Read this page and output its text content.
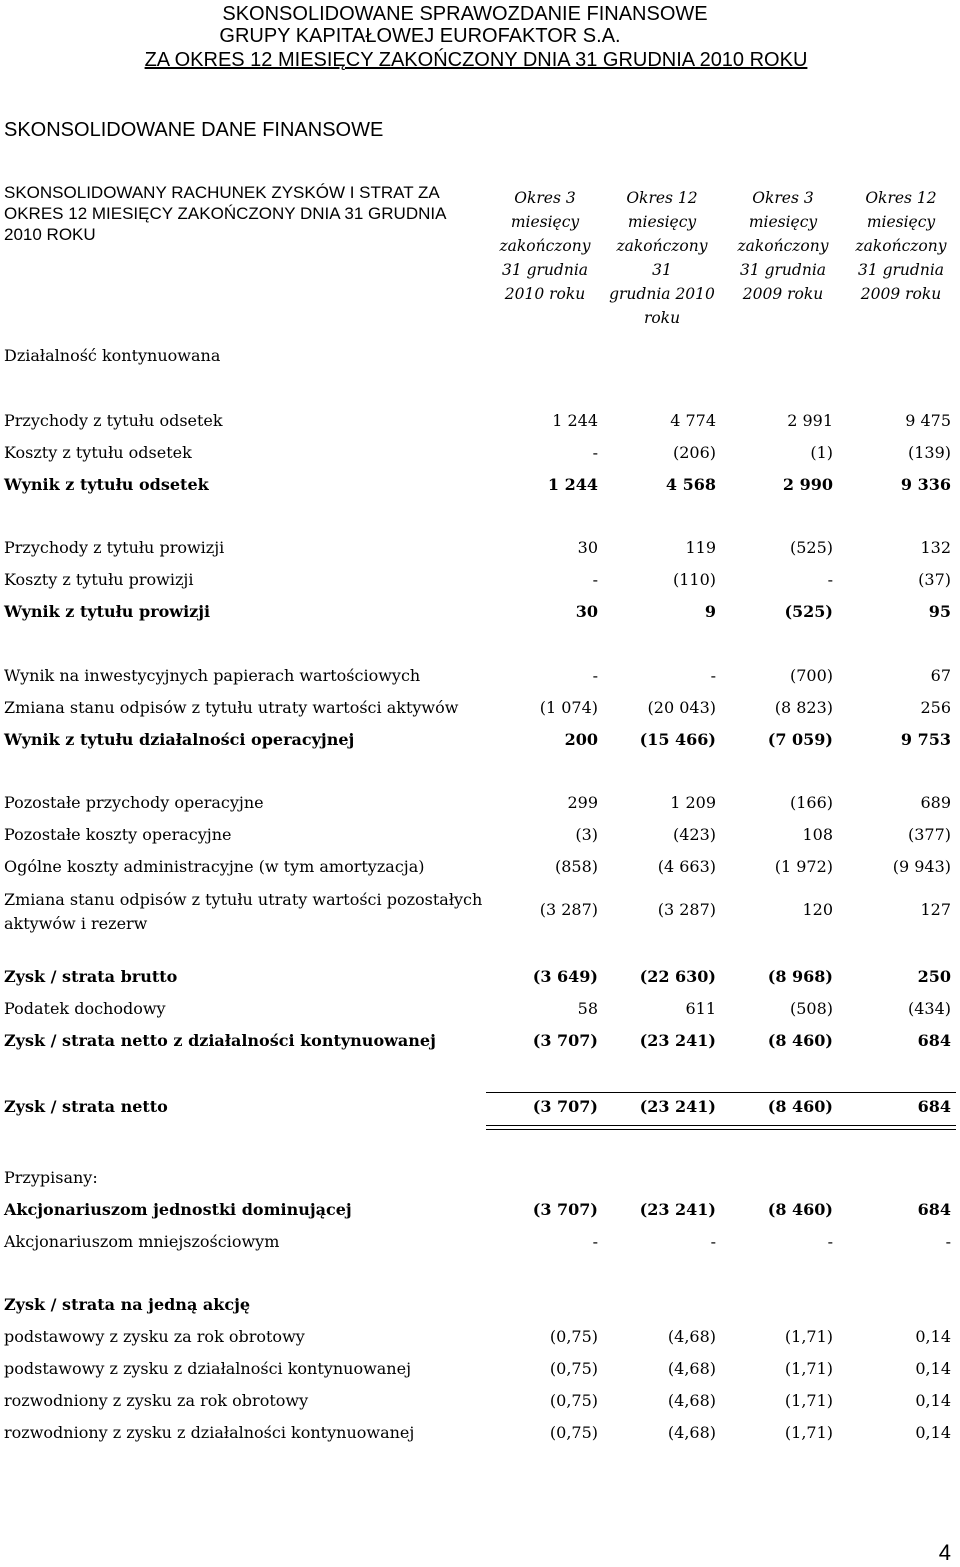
SKONSOLIDOWANE SPRAWOZDANIE FINANSOWE
GRUPY KAPITAŁOWEJ EUROFAKTOR S.A.
ZA OKRES 12 MIESIĘCY ZAKOŃCZONY DNIA 31 GRUDNIA 2010 ROKU
SKONSOLIDOWANE DANE FINANSOWE
SKONSOLIDOWANY RACHUNEK ZYSKÓW I STRAT ZA OKRES 12 MIESIĘCY ZAKOŃCZONY DNIA 31 GRUDNIA 2010 ROKU
Okres 3
miesięcy
zakończony
31 grudnia
2010 roku
Okres 12
miesięcy
zakończony 31
grudnia 2010
roku
Okres 3
miesięcy
zakończony
31 grudnia
2009 roku
Okres 12
miesięcy
zakończony
31 grudnia
2009 roku
Działalność kontynuowana
Przychody z tytułu odsetek	1 244	4 774	2 991	9 475
Koszty z tytułu odsetek	-	(206)	(1)	(139)
Wynik z tytułu odsetek	1 244	4 568	2 990	9 336
Przychody z tytułu prowizji	30	119	(525)	132
Koszty z tytułu prowizji	-	(110)	-	(37)
Wynik z tytułu prowizji	30	9	(525)	95
Wynik na inwestycyjnych papierach wartościowych	-	-	(700)	67
Zmiana stanu odpisów z tytułu utraty wartości aktywów	(1 074)	(20 043)	(8 823)	256
Wynik z tytułu działalności operacyjnej	200	(15 466)	(7 059)	9 753
Pozostałe przychody operacyjne	299	1 209	(166)	689
Pozostałe koszty operacyjne	(3)	(423)	108	(377)
Ogólne koszty administracyjne (w tym amortyzacja)	(858)	(4 663)	(1 972)	(9 943)
Zmiana stanu odpisów z tytułu utraty wartości pozostałych aktywów i rezerw
(3 287)	(3 287)	120	127
Zysk / strata brutto	(3 649)	(22 630)	(8 968)	250
Podatek dochodowy	58	611	(508)	(434)
Zysk / strata netto z działalności kontynuowanej	(3 707)	(23 241)	(8 460)	684
Zysk / strata netto	(3 707)	(23 241)	(8 460)	684
Przypisany:
Akcjonariuszom jednostki dominującej	(3 707)	(23 241)	(8 460)	684
Akcjonariuszom mniejszościowym	-	-	-	-
Zysk / strata na jedną akcję
podstawowy z zysku za rok obrotowy	(0,75)	(4,68)	(1,71)	0,14
podstawowy z zysku z działalności kontynuowanej	(0,75)	(4,68)	(1,71)	0,14
rozwodniony z zysku za rok obrotowy	(0,75)	(4,68)	(1,71)	0,14
rozwodniony z zysku z działalności kontynuowanej	(0,75)	(4,68)	(1,71)	0,14
4
